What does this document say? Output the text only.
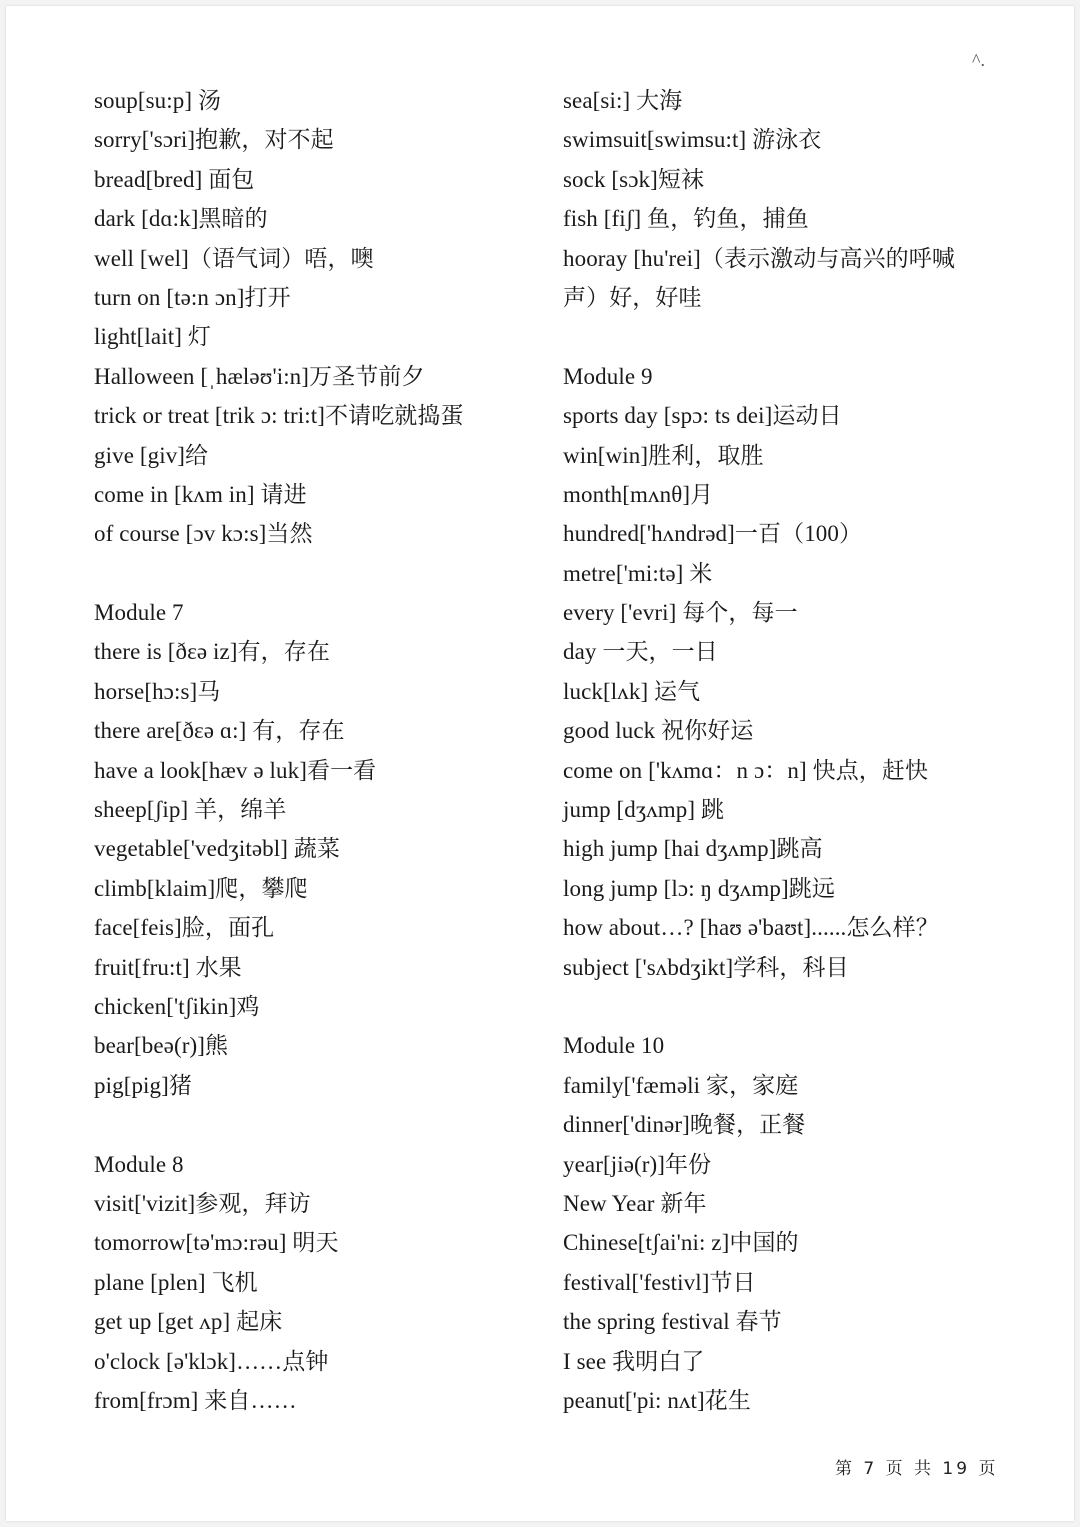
^.
soup[su:p] 汤
sorry['sɔri]抱歉，对不起
bread[bred] 面包
dark [dɑ:k]黑暗的
well [wel]（语气词）唔，噢
turn on [tə:n ɔn]打开
light[lait] 灯
Halloween [ˌhæləʊ'i:n]万圣节前夕
trick or treat [trik ɔ: tri:t]不请吃就捣蛋
give [giv]给
come in [kʌm in] 请进
of course [ɔv kɔ:s]当然
Module 7
there is [ðεə iz]有，存在
horse[hɔ:s]马
there are[ðεə ɑ:] 有，存在
have a look[hæv ə luk]看一看
sheep[ʃip] 羊，绵羊
vegetable['vedʒitəbl] 蔬菜
climb[klaim]爬，攀爬
face[feis]脸，面孔
fruit[fru:t] 水果
chicken['tʃikin]鸡
bear[beə(r)]熊
pig[pig]猪
Module 8
visit['vizit]参观，拜访
tomorrow[tə'mɔ:rəu] 明天
plane [plen] 飞机
get up [get ʌp] 起床
o'clock [ə'klɔk]……点钟
from[frɔm] 来自……
sea[si:] 大海
swimsuit[swimsu:t] 游泳衣
sock [sɔk]短袜
fish [fiʃ] 鱼，钓鱼，捕鱼
hooray [hu'rei]（表示激动与高兴的呼喊
声）好，好哇
Module 9
sports day [spɔ: ts dei]运动日
win[win]胜利，取胜
month[mʌnθ]月
hundred['hʌndrəd]一百（100）
metre['mi:tə] 米
every ['evri] 每个，每一
day 一天，一日
luck[lʌk] 运气
good luck 祝你好运
come on ['kʌmɑ：n ɔ：n] 快点，赶快
jump [dʒʌmp] 跳
high jump [hai dʒʌmp]跳高
long jump [lɔ: ŋ dʒʌmp]跳远
how about…? [haʊ ə'baʊt]......怎么样？
subject ['sʌbdʒikt]学科，科目
Module 10
family['fæməli 家，家庭
dinner['dinər]晚餐，正餐
year[jiə(r)]年份
New Year 新年
Chinese[tʃai'ni: z]中国的
festival['festivl]节日
the spring festival 春节
I see 我明白了
peanut['pi: nʌt]花生
第 7 页 共 19 页
